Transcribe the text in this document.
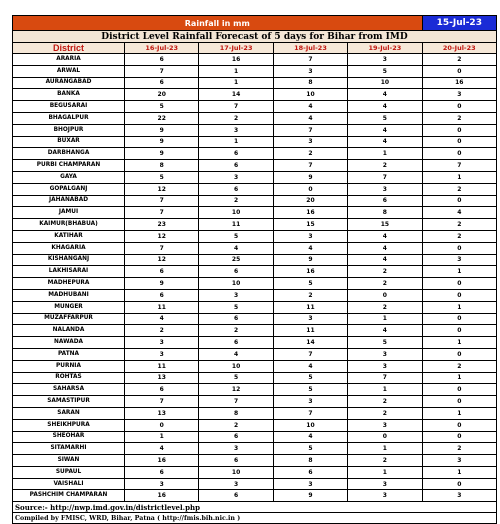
Rainfall in mm					15-Jul-23
District Level Rainfall Forecast of 5 days for Bihar from IMD					
District	16-Jul-23	17-Jul-23	18-Jul-23	19-Jul-23	20-Jul-23
ARARIA	6	16	7	3	2
ARWAL	7	1	3	5	0
AURANGABAD	6	1	8	10	16
BANKA	20	14	10	4	3
BEGUSARAI	5	7	4	4	0
BHAGALPUR	22	2	4	5	2
BHOJPUR	9	3	7	4	0
BUXAR	9	1	3	4	0
DARBHANGA	9	6	2	1	0
PURBI CHAMPARAN	8	6	7	2	7
GAYA	5	3	9	7	1
GOPALGANJ	12	6	0	3	2
JAHANABAD	7	2	20	6	0
JAMUI	7	10	16	8	4
KAIMUR(BHABUA)	23	11	15	15	2
KATIHAR	12	5	3	4	2
KHAGARIA	7	4	4	4	0
KISHANGANJ	12	25	9	4	3
LAKHISARAI	6	6	16	2	1
MADHEPURA	9	10	5	2	0
MADHUBANI	6	3	2	0	0
MUNGER	11	5	11	2	1
MUZAFFARPUR	4	6	3	1	0
NALANDA	2	2	11	4	0
NAWADA	3	6	14	5	1
PATNA	3	4	7	3	0
PURNIA	11	10	4	3	2
ROHTAS	13	5	5	7	1
SAHARSA	6	12	5	1	0
SAMASTIPUR	7	7	3	2	0
SARAN	13	8	7	2	1
SHEIKHPURA	0	2	10	3	0
SHEOHAR	1	6	4	0	0
SITAMARHI	4	3	5	1	2
SIWAN	16	6	8	2	3
SUPAUL	6	10	6	1	1
VAISHALI	3	3	3	3	0
PASHCHIM CHAMPARAN	16	6	9	3	3
Source:- http://nwp.imd.gov.in/districtlevel.php					
Compiled by FMISC, WRD, Bihar, Patna ( http://fmis.bih.nic.in )					
